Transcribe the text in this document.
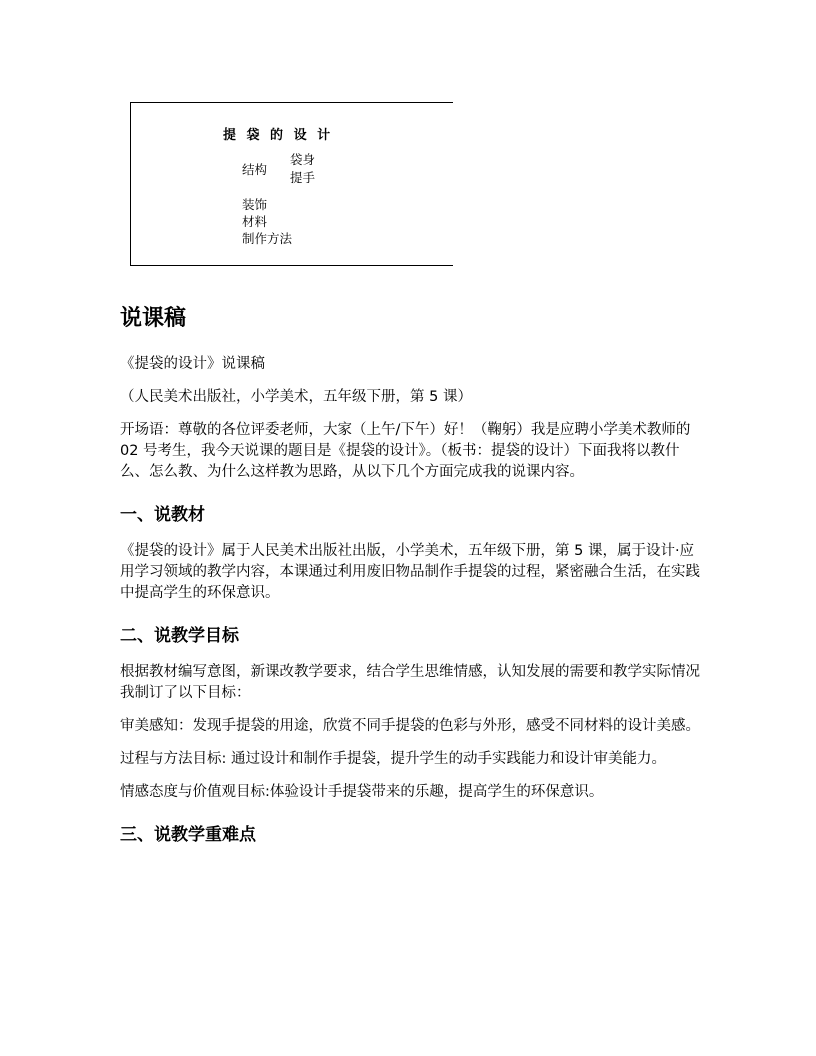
提 袋 的 设 计
结构
袋身
提手
装饰
材料
制作方法
说课稿

《提袋的设计》说课稿

（人民美术出版社，小学美术，五年级下册，第 5 课）

开场语：尊敬的各位评委老师，大家（上午/下午）好！（鞠躬）我是应聘小学美术教师的 02 号考生，我今天说课的题目是《提袋的设计》。（板书：提袋的设计）下面我将以教什么、怎么教、为什么这样教为思路，从以下几个方面完成我的说课内容。

一、说教材

《提袋的设计》属于人民美术出版社出版，小学美术，五年级下册，第 5 课，属于设计·应用学习领域的教学内容，本课通过利用废旧物品制作手提袋的过程，紧密融合生活，在实践中提高学生的环保意识。

二、说教学目标

根据教材编写意图，新课改教学要求，结合学生思维情感，认知发展的需要和教学实际情况我制订了以下目标：

审美感知：发现手提袋的用途，欣赏不同手提袋的色彩与外形，感受不同材料的设计美感。

过程与方法目标: 通过设计和制作手提袋，提升学生的动手实践能力和设计审美能力。

情感态度与价值观目标:体验设计手提袋带来的乐趣，提高学生的环保意识。

三、说教学重难点
